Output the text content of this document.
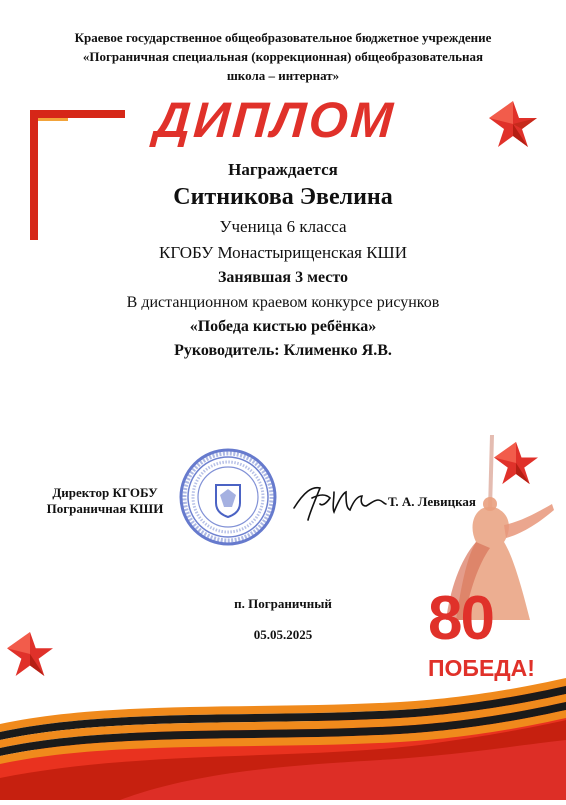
Краевое государственное общеобразовательное бюджетное учреждение
«Пограничная специальная (коррекционная) общеобразовательная
школа – интернат»
ДИПЛОМ
Награждается
Ситникова Эвелина
Ученица 6 класса
КГОБУ Монастырищенская КШИ
Занявшая 3 место
В дистанционном краевом конкурсе рисунков
«Победа кистью ребёнка»
Руководитель: Клименко Я.В.
Директор КГОБУ
Пограничная КШИ	Т. А. Левицкая
п. Пограничный
05.05.2025	80
ПОБЕДА!
